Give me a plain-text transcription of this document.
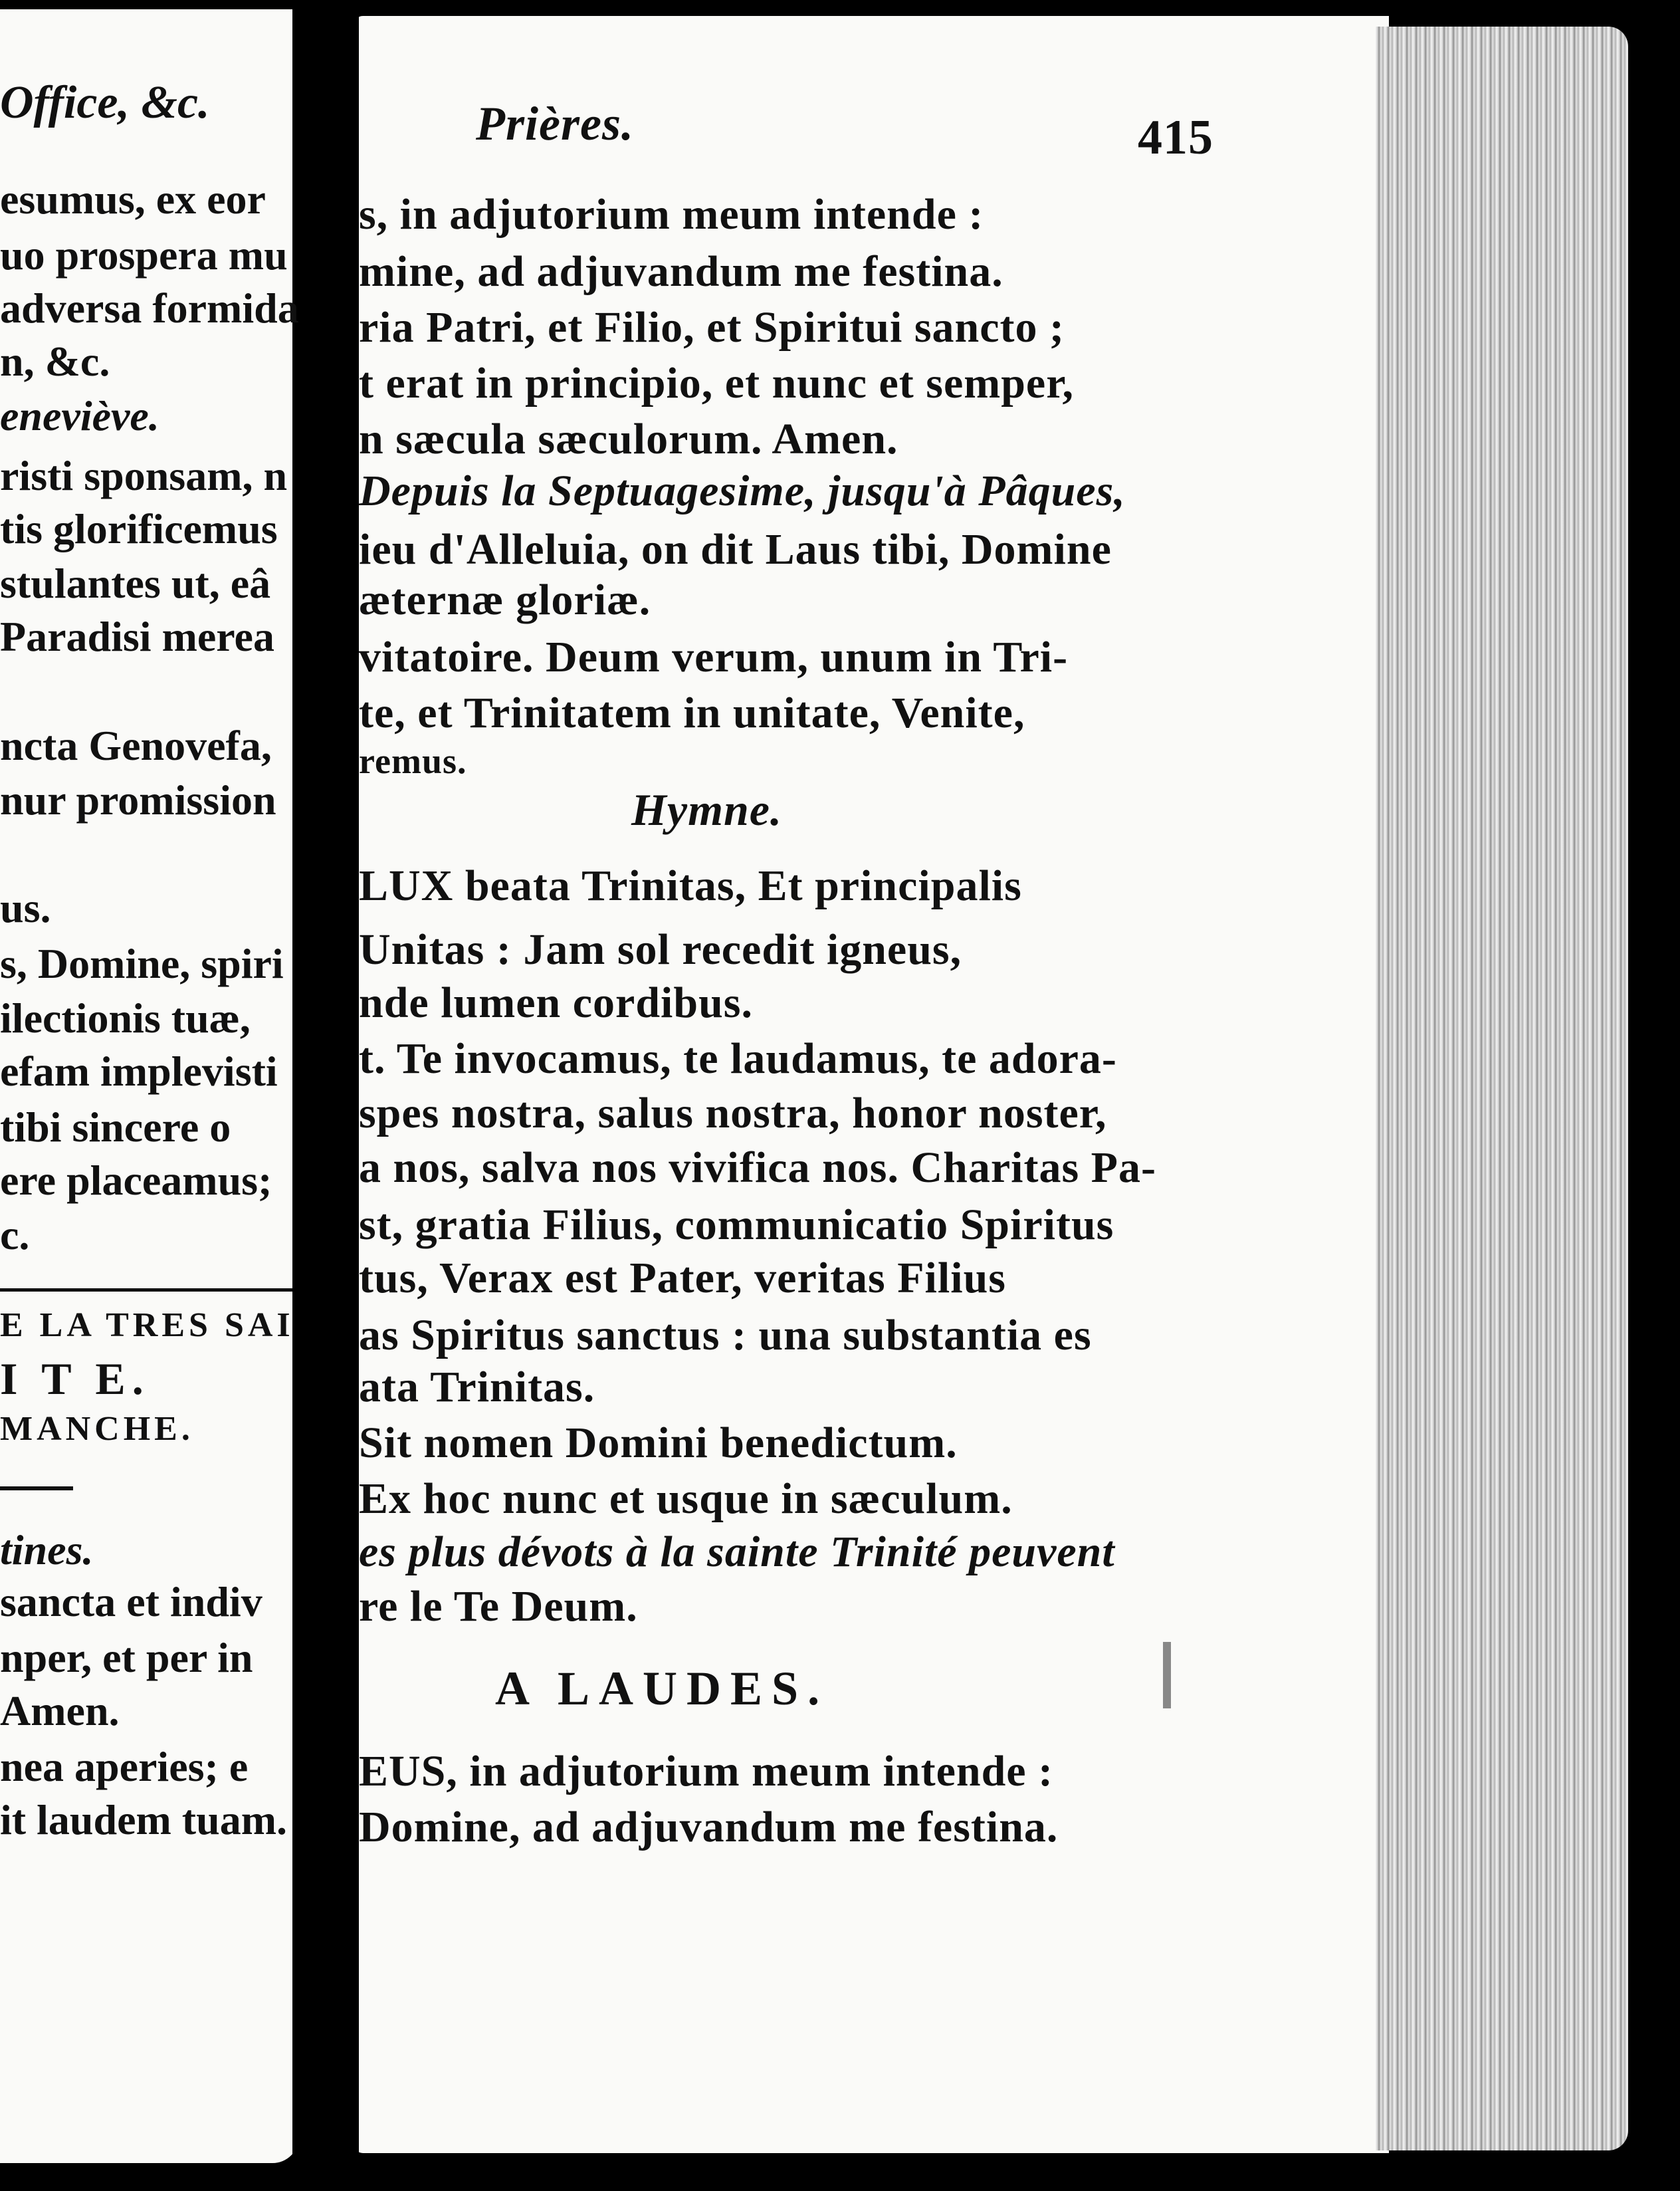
Office, &c.
esumus, ex eor
uo prospera mu
adversa formida
n, &c.
eneviève.
risti sponsam, n
tis glorificemus
stulantes ut, eâ
Paradisi merea
ncta Genovefa,
nur promission
us.
s, Domine, spiri
ilectionis tuæ,
efam implevisti
tibi sincere o
ere placeamus;
c.
E LA TRES SAI
I T E.
MANCHE.
tines.
sancta et indiv
nper, et per in
Amen.
nea aperies; e
it laudem tuam.
Prières.	415
s, in adjutorium meum intende :
mine, ad adjuvandum me festina.
ria Patri, et Filio, et Spiritui sancto ;
t erat in principio, et nunc et semper,
n sæcula sæculorum. Amen.
Depuis la Septuagesime, jusqu'à Pâques,
ieu d'Alleluia, on dit Laus tibi, Domine
æternæ gloriæ.
vitatoire. Deum verum, unum in Tri-
te, et Trinitatem in unitate, Venite,
remus.
Hymne.
LUX beata Trinitas, Et principalis
Unitas : Jam sol recedit igneus,
nde lumen cordibus.
t. Te invocamus, te laudamus, te adora-
spes nostra, salus nostra, honor noster,
a nos, salva nos vivifica nos. Charitas Pa-
st, gratia Filius, communicatio Spiritus
tus, Verax est Pater, veritas Filius
as Spiritus sanctus : una substantia es
ata Trinitas.
Sit nomen Domini benedictum.
Ex hoc nunc et usque in sæculum.
es plus dévots à la sainte Trinité peuvent
re le Te Deum.
A LAUDES.
EUS, in adjutorium meum intende :
Domine, ad adjuvandum me festina.
